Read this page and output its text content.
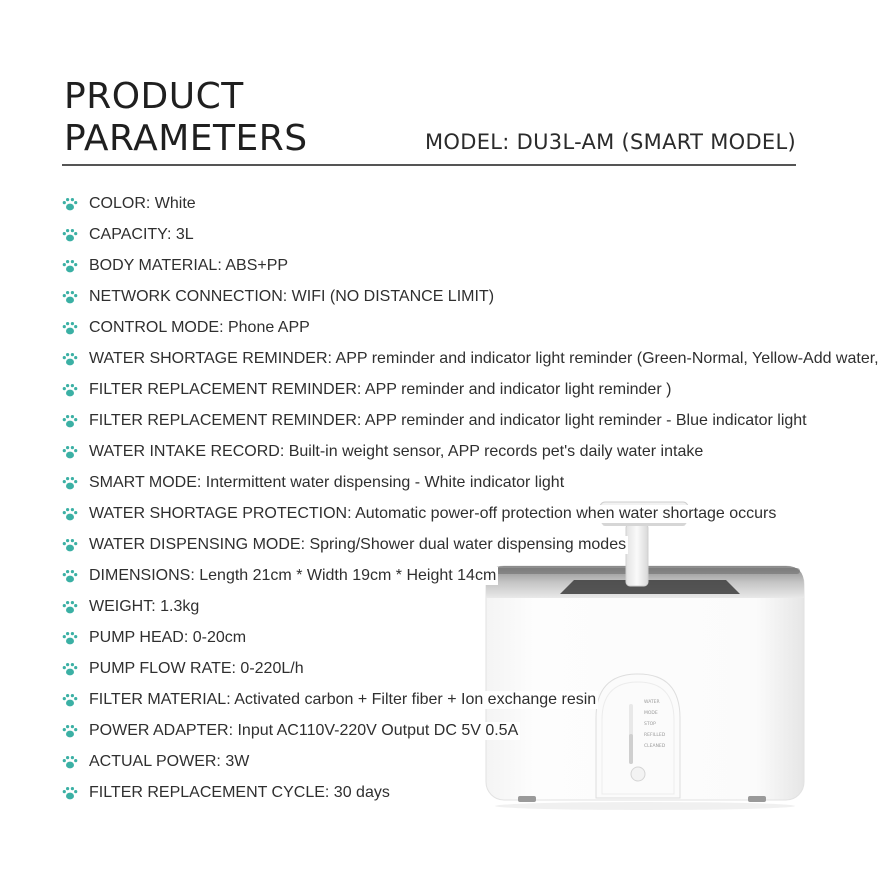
PRODUCT
PARAMETERS	MODEL: DU3L-AM (SMART MODEL)
WATER
MODE
STOP
REFILLED
CLEANED
COLOR: White
CAPACITY: 3L
BODY MATERIAL: ABS+PP
NETWORK CONNECTION: WIFI (NO DISTANCE LIMIT)
CONTROL MODE: Phone APP
WATER SHORTAGE REMINDER: APP reminder and indicator light reminder (Green-Normal, Yellow-Add water,
FILTER REPLACEMENT REMINDER: APP reminder and indicator light reminder )
FILTER REPLACEMENT REMINDER: APP reminder and indicator light reminder - Blue indicator light
WATER INTAKE RECORD: Built-in weight sensor, APP records pet's daily water intake
SMART MODE: Intermittent water dispensing - White indicator light
WATER SHORTAGE PROTECTION: Automatic power-off protection when water shortage occurs
WATER DISPENSING MODE: Spring/Shower dual water dispensing modes
DIMENSIONS: Length 21cm * Width 19cm * Height 14cm
WEIGHT: 1.3kg
PUMP HEAD: 0-20cm
PUMP FLOW RATE: 0-220L/h
FILTER MATERIAL: Activated carbon + Filter fiber + Ion exchange resin
POWER ADAPTER: Input AC110V-220V Output DC 5V 0.5A
ACTUAL POWER: 3W
FILTER REPLACEMENT CYCLE: 30 days
